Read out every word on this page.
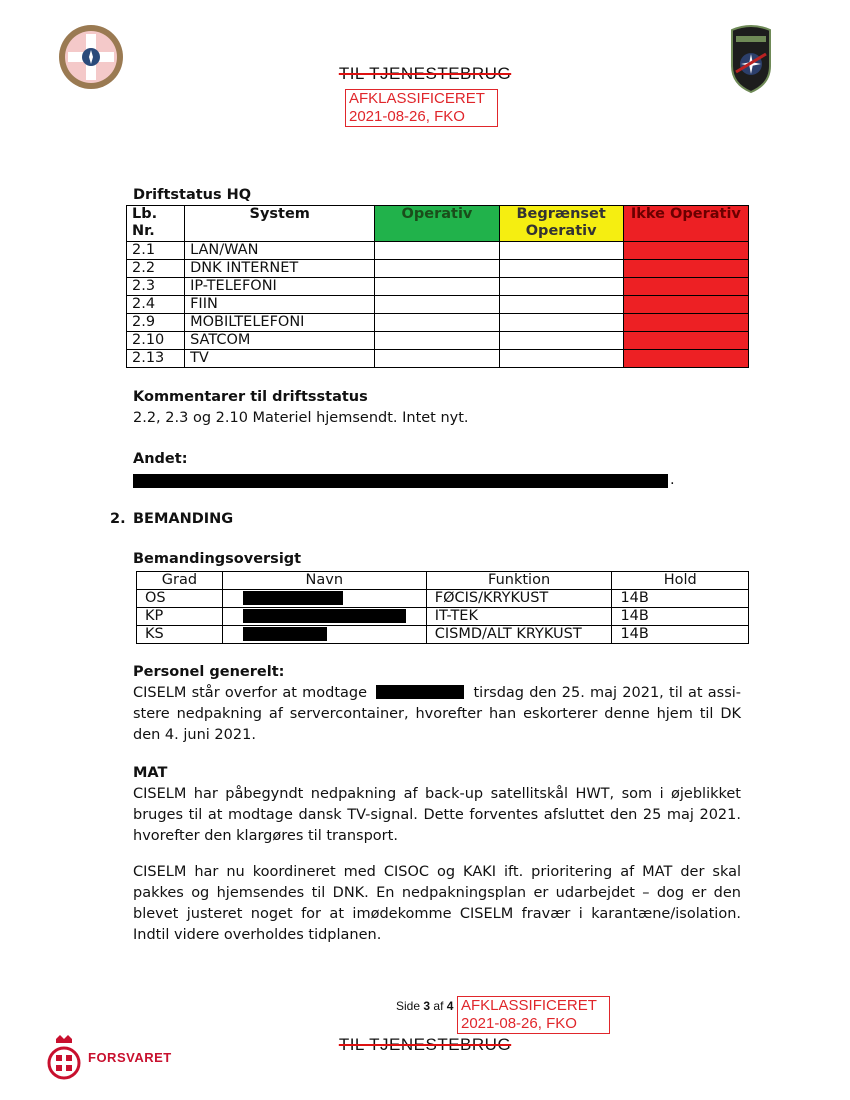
TIL TJENESTEBRUG
AFKLASSIFICERET
2021-08-26, FKO
Driftstatus HQ
Lb. Nr.	System	Operativ	Begrænset Operativ	Ikke Operativ
2.1	LAN/WAN			
2.2	DNK INTERNET			
2.3	IP-TELEFONI			
2.4	FIIN			
2.9	MOBILTELEFONI			
2.10	SATCOM			
2.13	TV			
Kommentarer til driftsstatus
2.2, 2.3 og 2.10 Materiel hjemsendt. Intet nyt.
Andet:
.
2. BEMANDING
Bemandingsoversigt
Grad	Navn	Funktion	Hold
OS		FØCIS/KRYKUST	14B
KP		IT-TEK	14B
KS		CISMD/ALT KRYKUST	14B
Personel generelt:
CISELM står overfor at modtage	tirsdag den 25. maj 2021, til at assi-stere nedpakning af servercontainer, hvorefter han eskorterer denne hjem til DK den 4. juni 2021.
MAT
CISELM har påbegyndt nedpakning af back-up satellitskål HWT, som i øjeblikket bruges til at modtage dansk TV-signal. Dette forventes afsluttet den 25 maj 2021. hvorefter den klargøres til transport.
CISELM har nu koordineret med CISOC og KAKI ift. prioritering af MAT der skal pakkes og hjemsendes til DNK. En nedpakningsplan er udarbejdet – dog er den blevet justeret noget for at imødekomme CISELM fravær i karantæne/isolation. Indtil videre overholdes tidplanen.
Side 3 af 4 AFKLASSIFICERET
2021-08-26, FKO
TIL TJENESTEBRUG
FORSVARET
